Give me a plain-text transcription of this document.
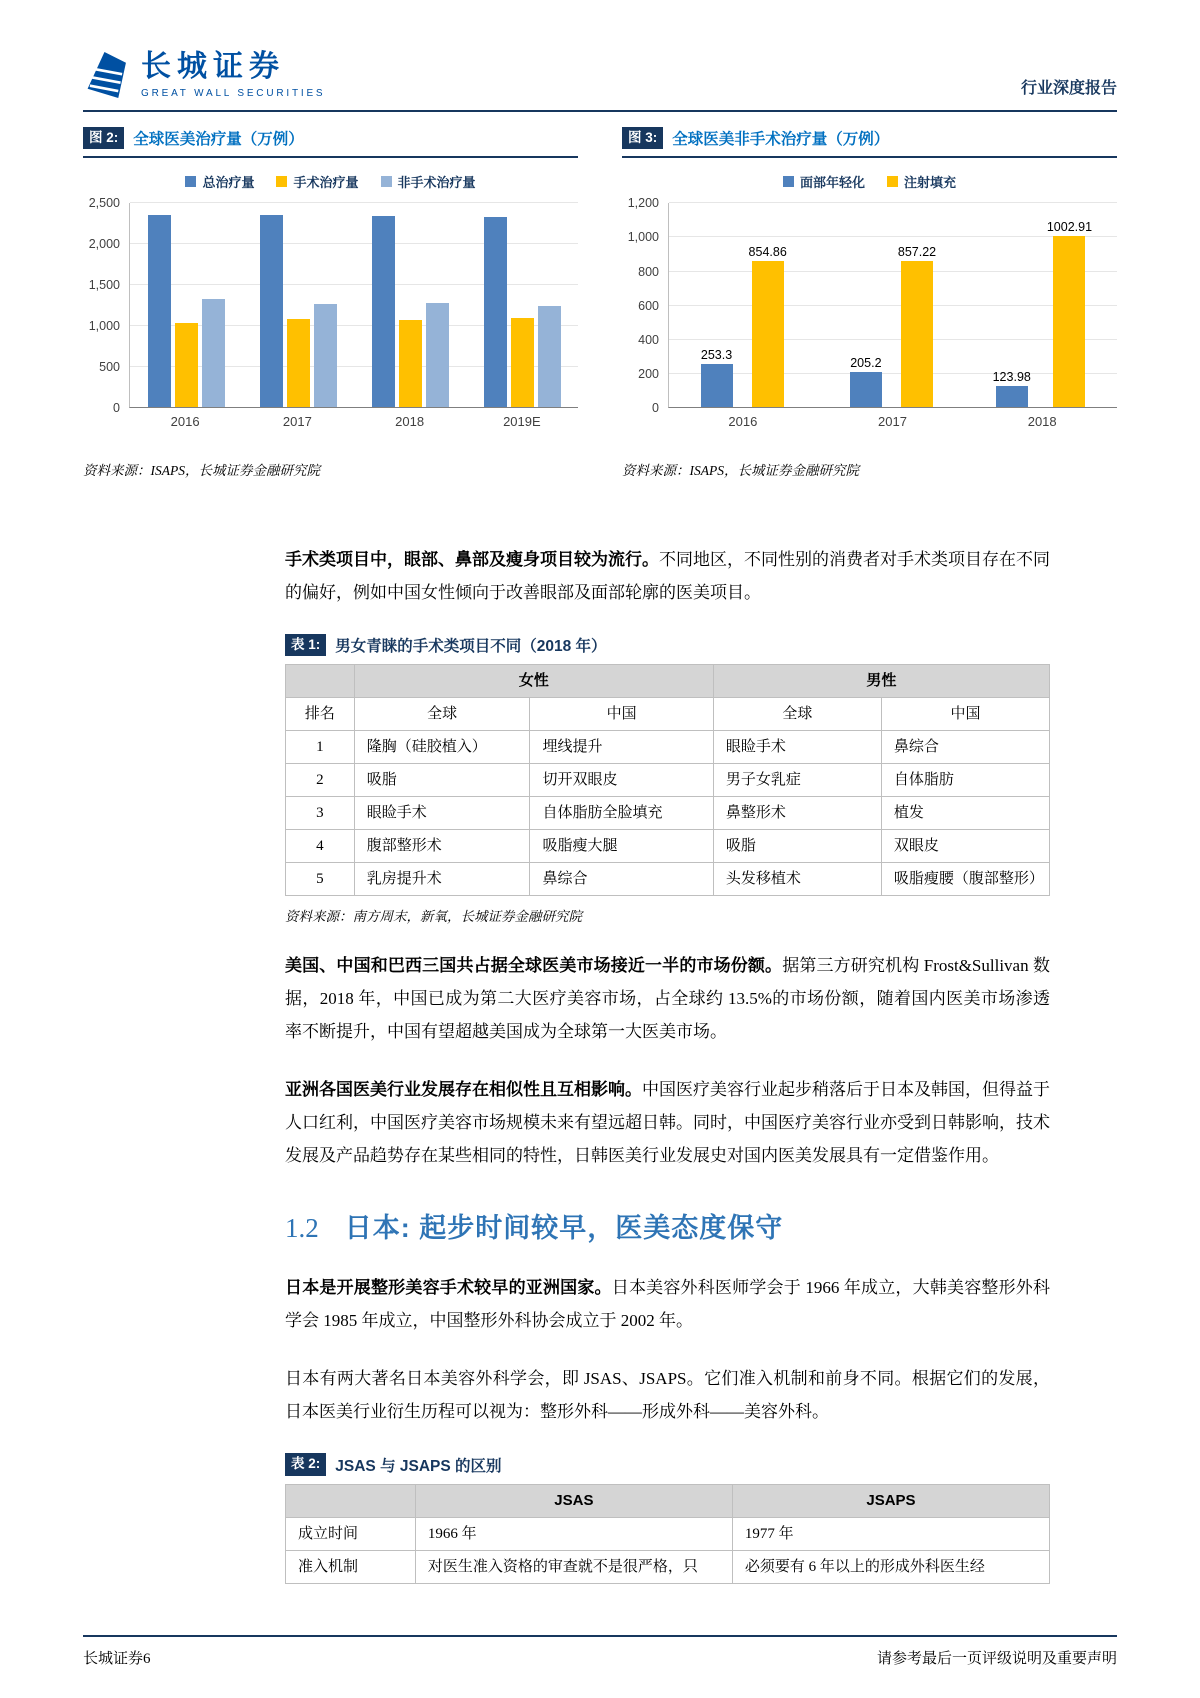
长城证券
GREAT WALL SECURITIES	行业深度报告
图 2: 全球医美治疗量（万例）
总治疗量	手术治疗量	非手术治疗量
0
500
1,000
1,500
2,000
2,500
2016	2017	2018	2019E
资料来源：ISAPS，长城证券金融研究院
图 3: 全球医美非手术治疗量（万例）
面部年轻化	注射填充
0
200
400
600
800
1,000
1,200
253.3
854.86
205.2
857.22
123.98
1002.91
2016	2017	2018
资料来源：ISAPS，长城证券金融研究院

手术类项目中，眼部、鼻部及瘦身项目较为流行。不同地区，不同性别的消费者对手术类项目存在不同的偏好，例如中国女性倾向于改善眼部及面部轮廓的医美项目。

表 1: 男女青睐的手术类项目不同（2018 年）
	女性		男性	
排名	全球	中国	全球	中国
1	隆胸（硅胶植入）	埋线提升	眼睑手术	鼻综合
2	吸脂	切开双眼皮	男子女乳症	自体脂肪
3	眼睑手术	自体脂肪全脸填充	鼻整形术	植发
4	腹部整形术	吸脂瘦大腿	吸脂	双眼皮
5	乳房提升术	鼻综合	头发移植术	吸脂瘦腰（腹部整形）
资料来源：南方周末，新氧，长城证券金融研究院

美国、中国和巴西三国共占据全球医美市场接近一半的市场份额。据第三方研究机构 Frost&Sullivan 数据，2018 年，中国已成为第二大医疗美容市场，占全球约 13.5%的市场份额，随着国内医美市场渗透率不断提升，中国有望超越美国成为全球第一大医美市场。

亚洲各国医美行业发展存在相似性且互相影响。中国医疗美容行业起步稍落后于日本及韩国，但得益于人口红利，中国医疗美容市场规模未来有望远超日韩。同时，中国医疗美容行业亦受到日韩影响，技术发展及产品趋势存在某些相同的特性，日韩医美行业发展史对国内医美发展具有一定借鉴作用。

1.2 日本: 起步时间较早，医美态度保守

日本是开展整形美容手术较早的亚洲国家。日本美容外科医师学会于 1966 年成立，大韩美容整形外科学会 1985 年成立，中国整形外科协会成立于 2002 年。

日本有两大著名日本美容外科学会，即 JSAS、JSAPS。它们准入机制和前身不同。根据它们的发展，日本医美行业衍生历程可以视为：整形外科——形成外科——美容外科。

表 2: JSAS 与 JSAPS 的区别
	JSAS	JSAPS
成立时间	1966 年	1977 年
准入机制	对医生准入资格的审查就不是很严格，只	必须要有 6 年以上的形成外科医生经
长城证券6	请参考最后一页评级说明及重要声明
